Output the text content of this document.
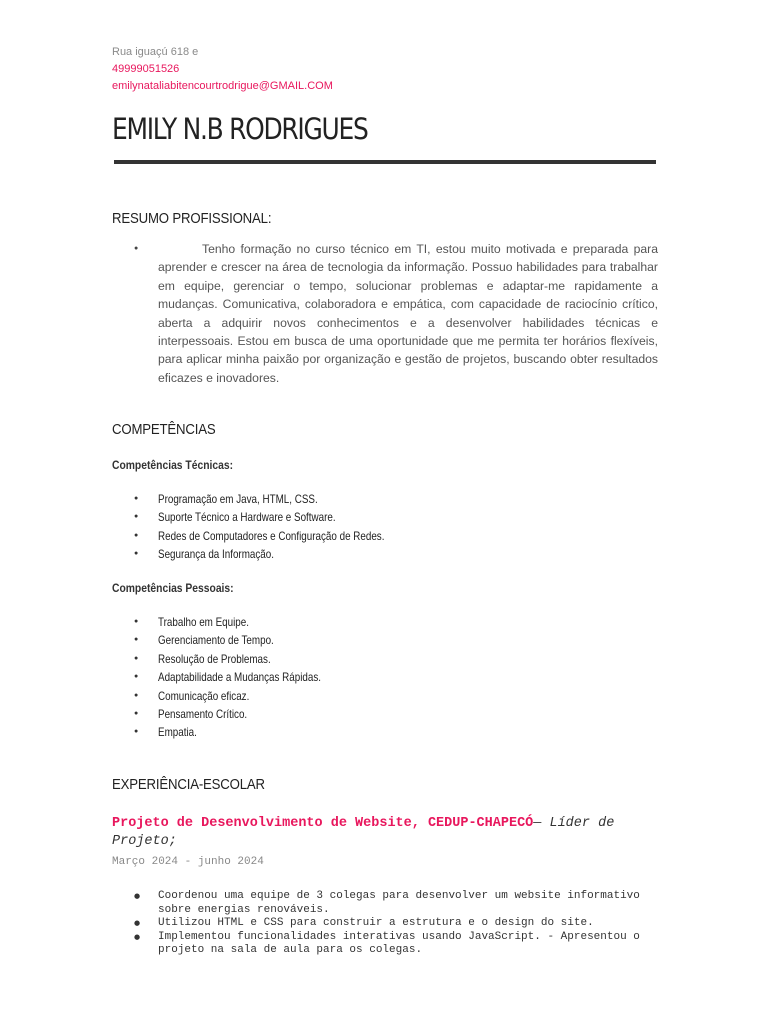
Rua iguaçú 618 e
49999051526
emilynataliabitencourtrodrigue@GMAIL.COM
EMILY N.B RODRIGUES
RESUMO PROFISSIONAL:
● Tenho formação no curso técnico em TI, estou muito motivada e preparada para aprender e crescer na área de tecnologia da informação. Possuo habilidades para trabalhar em equipe, gerenciar o tempo, solucionar problemas e adaptar-me rapidamente a mudanças. Comunicativa, colaboradora e empática, com capacidade de raciocínio crítico, aberta a adquirir novos conhecimentos e a desenvolver habilidades técnicas e interpessoais. Estou em busca de uma oportunidade que me permita ter horários flexíveis, para aplicar minha paixão por organização e gestão de projetos, buscando obter resultados eficazes e inovadores.
COMPETÊNCIAS
Competências Técnicas:
● Programação em Java, HTML, CSS.
● Suporte Técnico a Hardware e Software.
● Redes de Computadores e Configuração de Redes.
● Segurança da Informação.
Competências Pessoais:
● Trabalho em Equipe.
● Gerenciamento de Tempo.
● Resolução de Problemas.
● Adaptabilidade a Mudanças Rápidas.
● Comunicação eficaz.
● Pensamento Crítico.
● Empatia.
EXPERIÊNCIA-ESCOLAR

Projeto de Desenvolvimento de Website, CEDUP-CHAPECÓ— Líder de Projeto;

Março 2024 - junho 2024

● Coordenou uma equipe de 3 colegas para desenvolver um website informativo sobre energias renováveis.
● Utilizou HTML e CSS para construir a estrutura e o design do site.
● Implementou funcionalidades interativas usando JavaScript. - Apresentou o projeto na sala de aula para os colegas.
